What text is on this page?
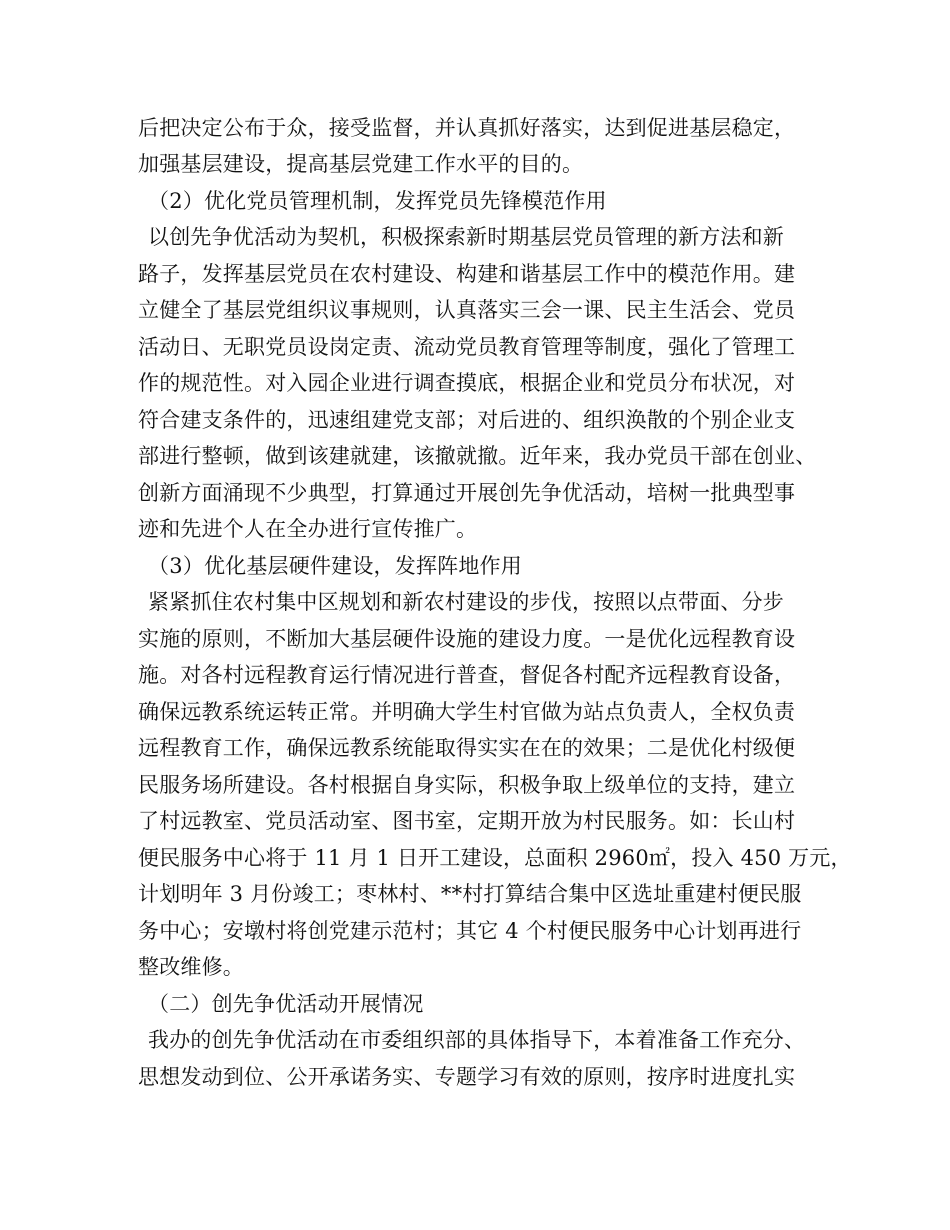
后把决定公布于众，接受监督，并认真抓好落实，达到促进基层稳定，
加强基层建设，提高基层党建工作水平的目的。
（2）优化党员管理机制，发挥党员先锋模范作用
以创先争优活动为契机，积极探索新时期基层党员管理的新方法和新
路子，发挥基层党员在农村建设、构建和谐基层工作中的模范作用。建
立健全了基层党组织议事规则，认真落实三会一课、民主生活会、党员
活动日、无职党员设岗定责、流动党员教育管理等制度，强化了管理工
作的规范性。对入园企业进行调查摸底，根据企业和党员分布状况，对
符合建支条件的，迅速组建党支部；对后进的、组织涣散的个别企业支
部进行整顿，做到该建就建，该撤就撤。近年来，我办党员干部在创业、
创新方面涌现不少典型，打算通过开展创先争优活动，培树一批典型事
迹和先进个人在全办进行宣传推广。
（3）优化基层硬件建设，发挥阵地作用
紧紧抓住农村集中区规划和新农村建设的步伐，按照以点带面、分步
实施的原则，不断加大基层硬件设施的建设力度。一是优化远程教育设
施。对各村远程教育运行情况进行普查，督促各村配齐远程教育设备，
确保远教系统运转正常。并明确大学生村官做为站点负责人，全权负责
远程教育工作，确保远教系统能取得实实在在的效果；二是优化村级便
民服务场所建设。各村根据自身实际，积极争取上级单位的支持，建立
了村远教室、党员活动室、图书室，定期开放为村民服务。如：长山村
便民服务中心将于 11 月 1 日开工建设，总面积 2960㎡，投入 450 万元，
计划明年 3 月份竣工；枣林村、**村打算结合集中区选址重建村便民服
务中心；安墩村将创党建示范村；其它 4 个村便民服务中心计划再进行
整改维修。
（二）创先争优活动开展情况
我办的创先争优活动在市委组织部的具体指导下，本着准备工作充分、
思想发动到位、公开承诺务实、专题学习有效的原则，按序时进度扎实
